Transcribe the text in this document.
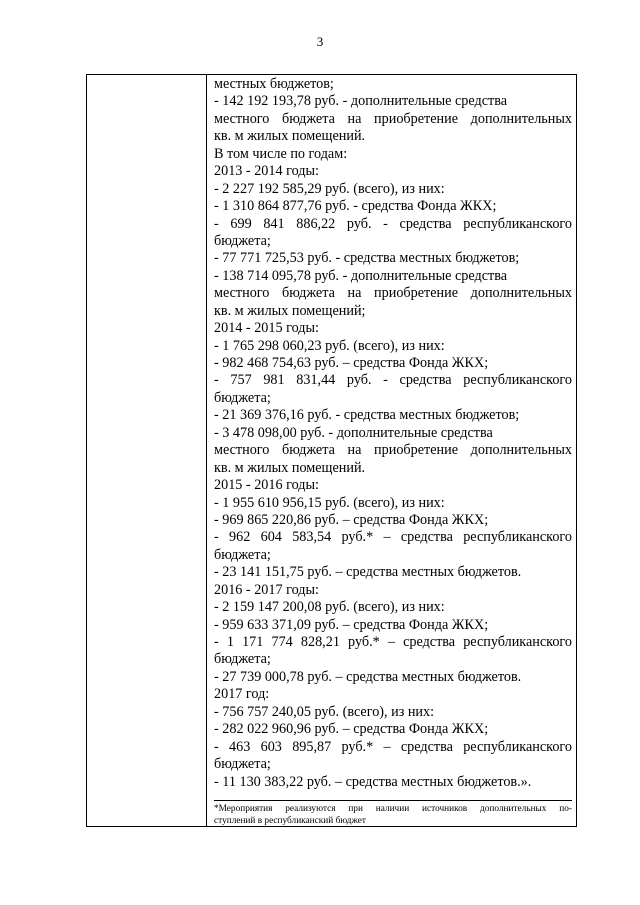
3
местных бюджетов;
- 142 192 193,78 руб. - дополнительные средства
местного бюджета на приобретение дополнительных
кв. м жилых помещений.
В том числе по годам:
2013 - 2014 годы:
- 2 227 192 585,29 руб. (всего), из них:
- 1 310 864 877,76 руб. - средства Фонда ЖКХ;
- 699 841 886,22 руб. - средства республиканского
бюджета;
- 77 771 725,53 руб. - средства местных бюджетов;
- 138 714 095,78 руб. - дополнительные средства
местного бюджета на приобретение дополнительных
кв. м жилых помещений;
2014 - 2015 годы:
- 1 765 298 060,23 руб. (всего), из них:
- 982 468 754,63 руб. – средства Фонда ЖКХ;
- 757 981 831,44 руб. - средства республиканского
бюджета;
- 21 369 376,16 руб. - средства местных бюджетов;
- 3 478 098,00 руб. - дополнительные средства
местного бюджета на приобретение дополнительных
кв. м жилых помещений.
2015 - 2016 годы:
- 1 955 610 956,15 руб. (всего), из них:
- 969 865 220,86 руб. – средства Фонда ЖКХ;
- 962 604 583,54 руб.* – средства республиканского
бюджета;
- 23 141 151,75 руб. – средства местных бюджетов.
2016 - 2017 годы:
- 2 159 147 200,08 руб. (всего), из них:
- 959 633 371,09 руб. – средства Фонда ЖКХ;
- 1 171 774 828,21 руб.* – средства республиканского
бюджета;
- 27 739 000,78 руб. – средства местных бюджетов.
2017 год:
- 756 757 240,05 руб. (всего), из них:
- 282 022 960,96 руб. – средства Фонда ЖКХ;
- 463 603 895,87 руб.* – средства республиканского
бюджета;
- 11 130 383,22 руб. – средства местных бюджетов.».
*Мероприятия реализуются при наличии источников дополнительных по-
ступлений в республиканский бюджет
